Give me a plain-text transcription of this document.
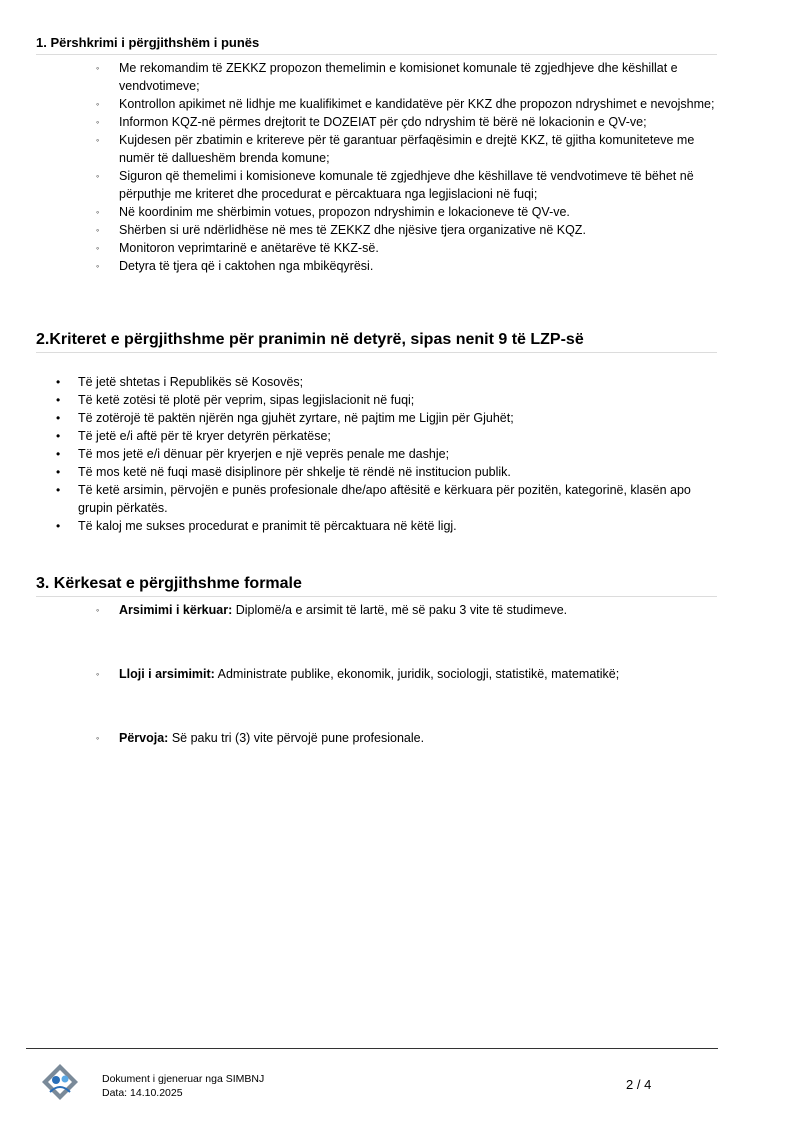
1. Përshkrimi i përgjithshëm i punës
◦ Me rekomandim të ZEKKZ propozon themelimin e komisionet komunale të zgjedhjeve dhe këshillat e vendvotimeve;
◦ Kontrollon apikimet në lidhje me kualifikimet e kandidatëve për KKZ dhe propozon ndryshimet e nevojshme;
◦ Informon KQZ-në përmes drejtorit te DOZEIAT për çdo ndryshim të bërë në lokacionin e QV-ve;
◦ Kujdesen për zbatimin e kritereve për të garantuar përfaqësimin e drejtë KKZ, të gjitha komuniteteve me numër të dallueshëm brenda komune;
◦ Siguron që themelimi i komisioneve komunale të zgjedhjeve dhe këshillave të vendvotimeve të bëhet në përputhje me kriteret dhe procedurat e përcaktuara nga legjislacioni në fuqi;
◦ Në koordinim me shërbimin votues, propozon ndryshimin e lokacioneve të QV-ve.
◦ Shërben si urë ndërlidhëse në mes të ZEKKZ dhe njësive tjera organizative në KQZ.
◦ Monitoron veprimtarinë e anëtarëve të KKZ-së.
◦ Detyra të tjera që i caktohen nga mbikëqyrësi.
2.Kriteret e përgjithshme për pranimin në detyrë, sipas nenit 9 të LZP-së
• Të jetë shtetas i Republikës së Kosovës;
• Të ketë zotësi të plotë për veprim, sipas legjislacionit në fuqi;
• Të zotërojë të paktën njërën nga gjuhët zyrtare, në pajtim me Ligjin për Gjuhët;
• Të jetë e/i aftë për të kryer detyrën përkatëse;
• Të mos jetë e/i dënuar për kryerjen e një veprës penale me dashje;
• Të mos ketë në fuqi masë disiplinore për shkelje të rëndë në institucion publik.
• Të ketë arsimin, përvojën e punës profesionale dhe/apo aftësitë e kërkuara për pozitën, kategorinë, klasën apo grupin përkatës.
• Të kaloj me sukses procedurat e pranimit të përcaktuara në këtë ligj.
3. Kërkesat e përgjithshme formale
◦ Arsimimi i kërkuar: Diplomë/a e arsimit të lartë, më së paku 3 vite të studimeve.
◦ Lloji i arsimimit: Administrate publike, ekonomik, juridik, sociologji, statistikë, matematikë;
◦ Përvoja: Së paku tri (3) vite përvojë pune profesionale.
Dokument i gjeneruar nga SIMBNJ
Data: 14.10.2025
2 / 4
